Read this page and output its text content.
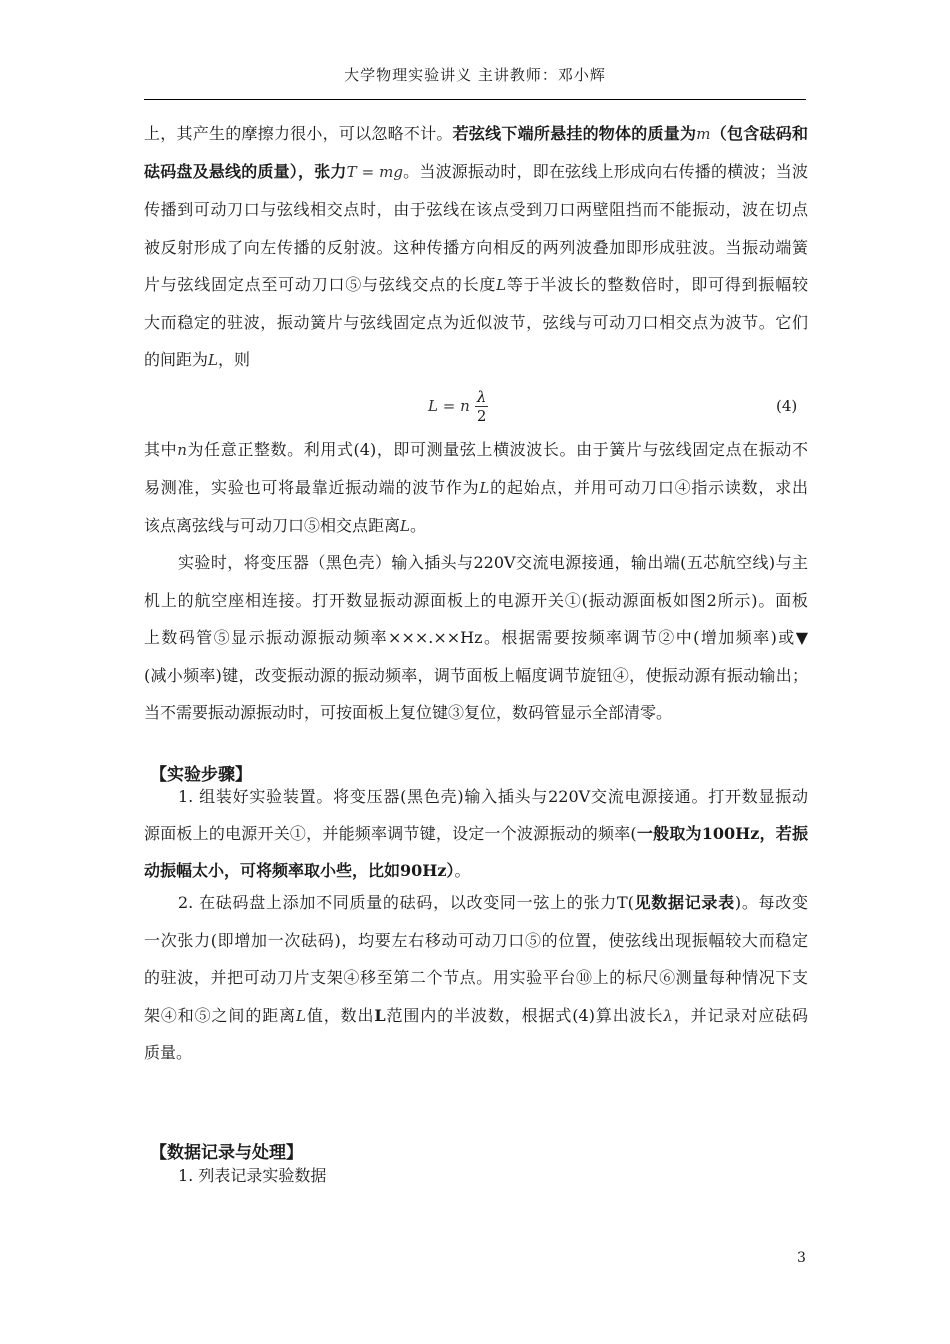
大学物理实验讲义 主讲教师：邓小辉
上，其产生的摩擦力很小，可以忽略不计。若弦线下端所悬挂的物体的质量为m（包含砝码和
砝码盘及悬线的质量），张力T = mg。当波源振动时，即在弦线上形成向右传播的横波；当波
传播到可动刀口与弦线相交点时，由于弦线在该点受到刀口两壁阻挡而不能振动，波在切点
被反射形成了向左传播的反射波。这种传播方向相反的两列波叠加即形成驻波。当振动端簧
片与弦线固定点至可动刀口⑤与弦线交点的长度L等于半波长的整数倍时，即可得到振幅较
大而稳定的驻波，振动簧片与弦线固定点为近似波节，弦线与可动刀口相交点为波节。它们
的间距为L，则
L = n $\frac{\lambda}{2}$	(4)
其中n为任意正整数。利用式(4)，即可测量弦上横波波长。由于簧片与弦线固定点在振动不
易测准，实验也可将最靠近振动端的波节作为L的起始点，并用可动刀口④指示读数，求出
该点离弦线与可动刀口⑤相交点距离L。
实验时，将变压器（黑色壳）输入插头与220V交流电源接通，输出端(五芯航空线)与主
机上的航空座相连接。打开数显振动源面板上的电源开关①(振动源面板如图2所示)。面板
上数码管⑤显示振动源振动频率×××.××Hz。根据需要按频率调节②中(增加频率)或▼
(减小频率)键，改变振动源的振动频率，调节面板上幅度调节旋钮④，使振动源有振动输出；
当不需要振动源振动时，可按面板上复位键③复位，数码管显示全部清零。
【实验步骤】
1. 组装好实验装置。将变压器(黑色壳)输入插头与220V交流电源接通。打开数显振动
源面板上的电源开关①，并能频率调节键，设定一个波源振动的频率(一般取为100Hz，若振
动振幅太小，可将频率取小些，比如90Hz）。
2. 在砝码盘上添加不同质量的砝码，以改变同一弦上的张力T(见数据记录表)。每改变
一次张力(即增加一次砝码)，均要左右移动可动刀口⑤的位置，使弦线出现振幅较大而稳定
的驻波，并把可动刀片支架④移至第二个节点。用实验平台⑩上的标尺⑥测量每种情况下支
架④和⑤之间的距离L值，数出L范围内的半波数，根据式(4)算出波长λ，并记录对应砝码
质量。
【数据记录与处理】
1. 列表记录实验数据
3
